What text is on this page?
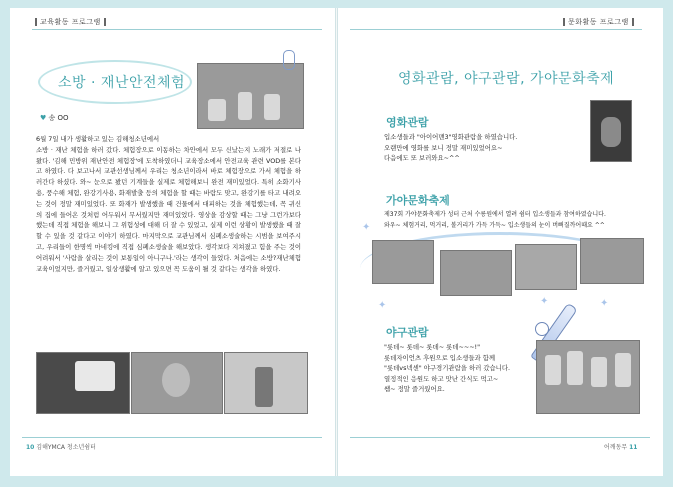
교육활동 프로그램
소방 · 재난안전체험
♥ 송 OO

6월 7일 내가 생활하고 있는 김해청소년에서

소방 · 재난 체험을 하러 갔다. 체험장으로 이동하는 차안에서 모두 신났는지 노래가 저절로 나왔다. '김해 민방위 재난안전 체험장'에 도착하였더니 교육장소에서 안전교육 관련 VOD를 본다고 하였다. 다 보고나서 교관선생님께서 우리는 청소년이라서 바로 체험장으로 가서 체험을 하러간다 하셨다. 와~ 눈으로 봤던 기계들을 실제로 체험해보니 완전 재미있었다. 특히 소화기사용, 풍수해 체험, 완강기사용, 화재발출 등의 체험을 할 때는 바람도 맞고, 완강기를 타고 내려오는 것이 정말 재미있었다. 또 화재가 발생했을 때 건물에서 대피하는 것을 체험했는데, 꼭 귀신의 집에 들어온 것처럼 어두워서 무서웠지만 재미있었다. 영상을 감상할 때는 그냥 그런가보다 했는데 직접 체험을 해보니 그 위험성에 대해 더 잘 수 있었고, 실제 이런 상황이 발생했을 때 잘할 수 있을 것 같다고 이야기 하였다. 마지막으로 교관님께서 심폐소생술하는 시범을 보여주시고, 우리들이 한명씩 마네킹에 직접 심폐소생술을 해보았다. 생각보다 지쳐졌고 힘을 주는 것이 어려워서 '사람을 살리는 것이 보통일이 아니구나.'라는 생각이 들었다. 처음에는 소방?재난체험교육이었지만, 즐거웠고, 일상생활에 알고 있으면 꼭 도움이 될 것 같다는 생각을 하였다.

10 김해YMCA 청소년쉼터
문화활동 프로그램
영화관람, 야구관람, 가야문화축제
영화관람

입소생들과 "아이어맨3"영화관람을 하였습니다.

오랜만에 영화를 보니 정말 재미있었어요~

다음에도 또 보러와요~^^

가야문화축제

제37회 가야문화축제가 성터 근처 수릉원에서 열려 쉼터 입소생들과 참여하였습니다.

와우~ 체험거리, 먹거리, 볼거리가 가득 가득~ 입소생들의 눈이 버뻐질까어때요 ^^

✦
✦	✦	✦
야구관람

"롯데~ 롯데~ 롯데~ 롯데~~~!"

롯데자이언츠 후원으로 입소생들과 함께

"롯데vs넥센" 야구경기관람을 하러 갔습니다.

열정적인 응원도 하고 맛난 간식도 먹고~

쌤~ 정말 즐거웠어요.

어깨동무 11
